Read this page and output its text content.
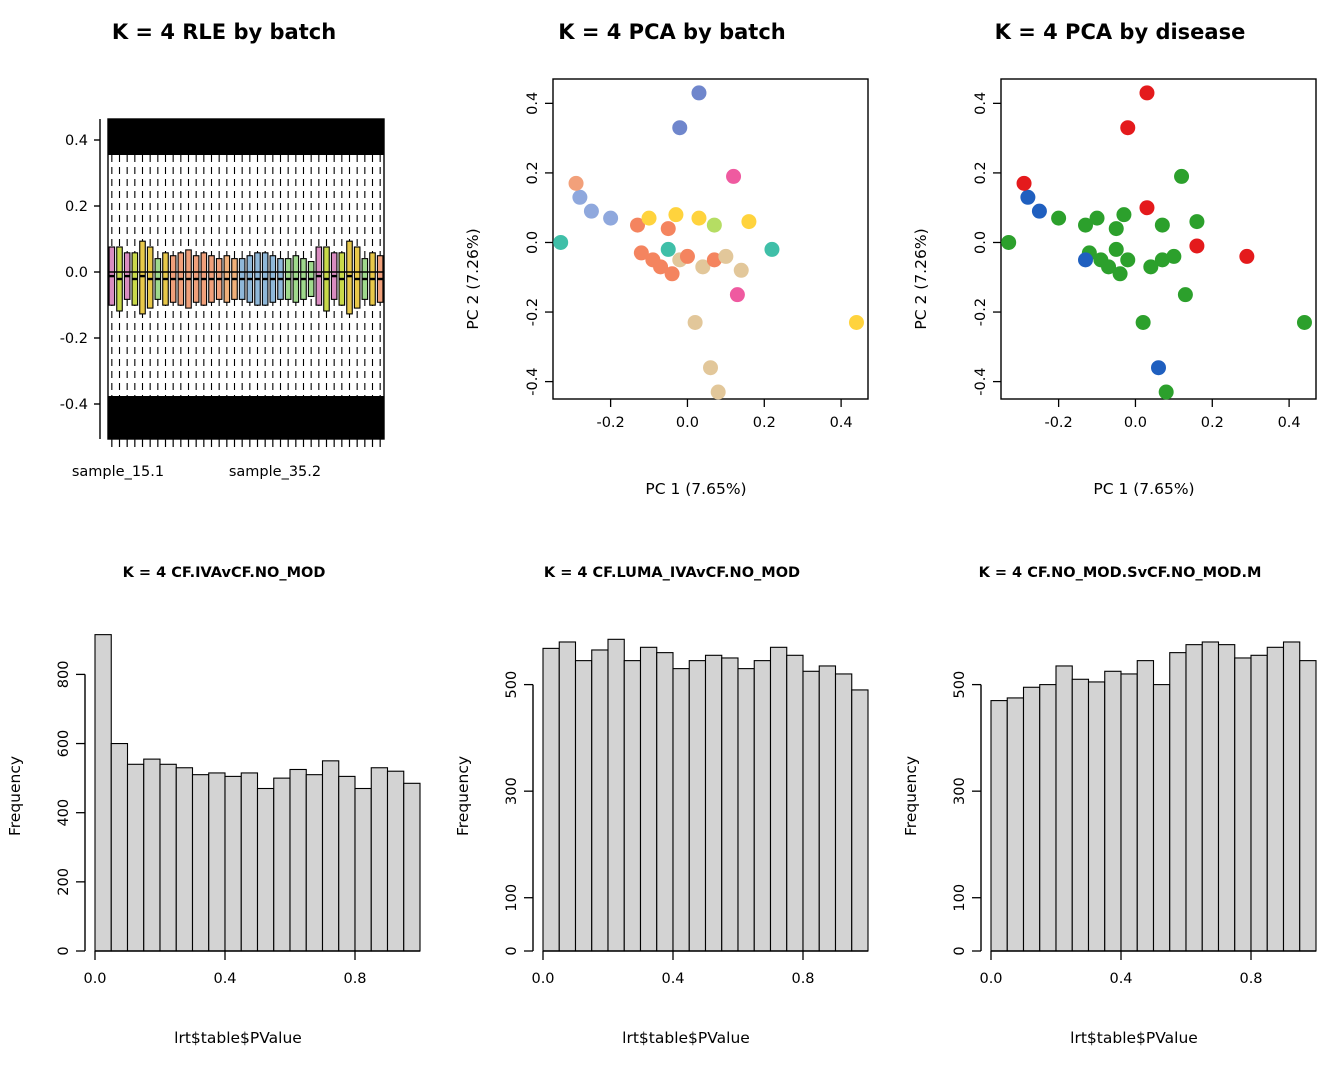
K = 4 RLE by batch
-0.4
-0.2
0.0
0.2
0.4
sample_15.1	sample_35.2
K = 4 PCA by batch
-0.2	0.0	0.2	0.4
-0.4
-0.2
0.0
0.2
0.4
PC 1 (7.65%)
PC 2 (7.26%)
K = 4 PCA by disease
-0.2	0.0	0.2	0.4
-0.4
-0.2
0.0
0.2
0.4
PC 1 (7.65%)
PC 2 (7.26%)
K = 4 CF.IVAvCF.NO_MOD
0.0	0.4	0.8
0
200
400
600
800
lrt$table$PValue
Frequency
K = 4 CF.LUMA_IVAvCF.NO_MOD
0.0	0.4	0.8
0
100
300
500
lrt$table$PValue
Frequency
K = 4 CF.NO_MOD.SvCF.NO_MOD.M
0.0	0.4	0.8
0
100
300
500
lrt$table$PValue
Frequency
